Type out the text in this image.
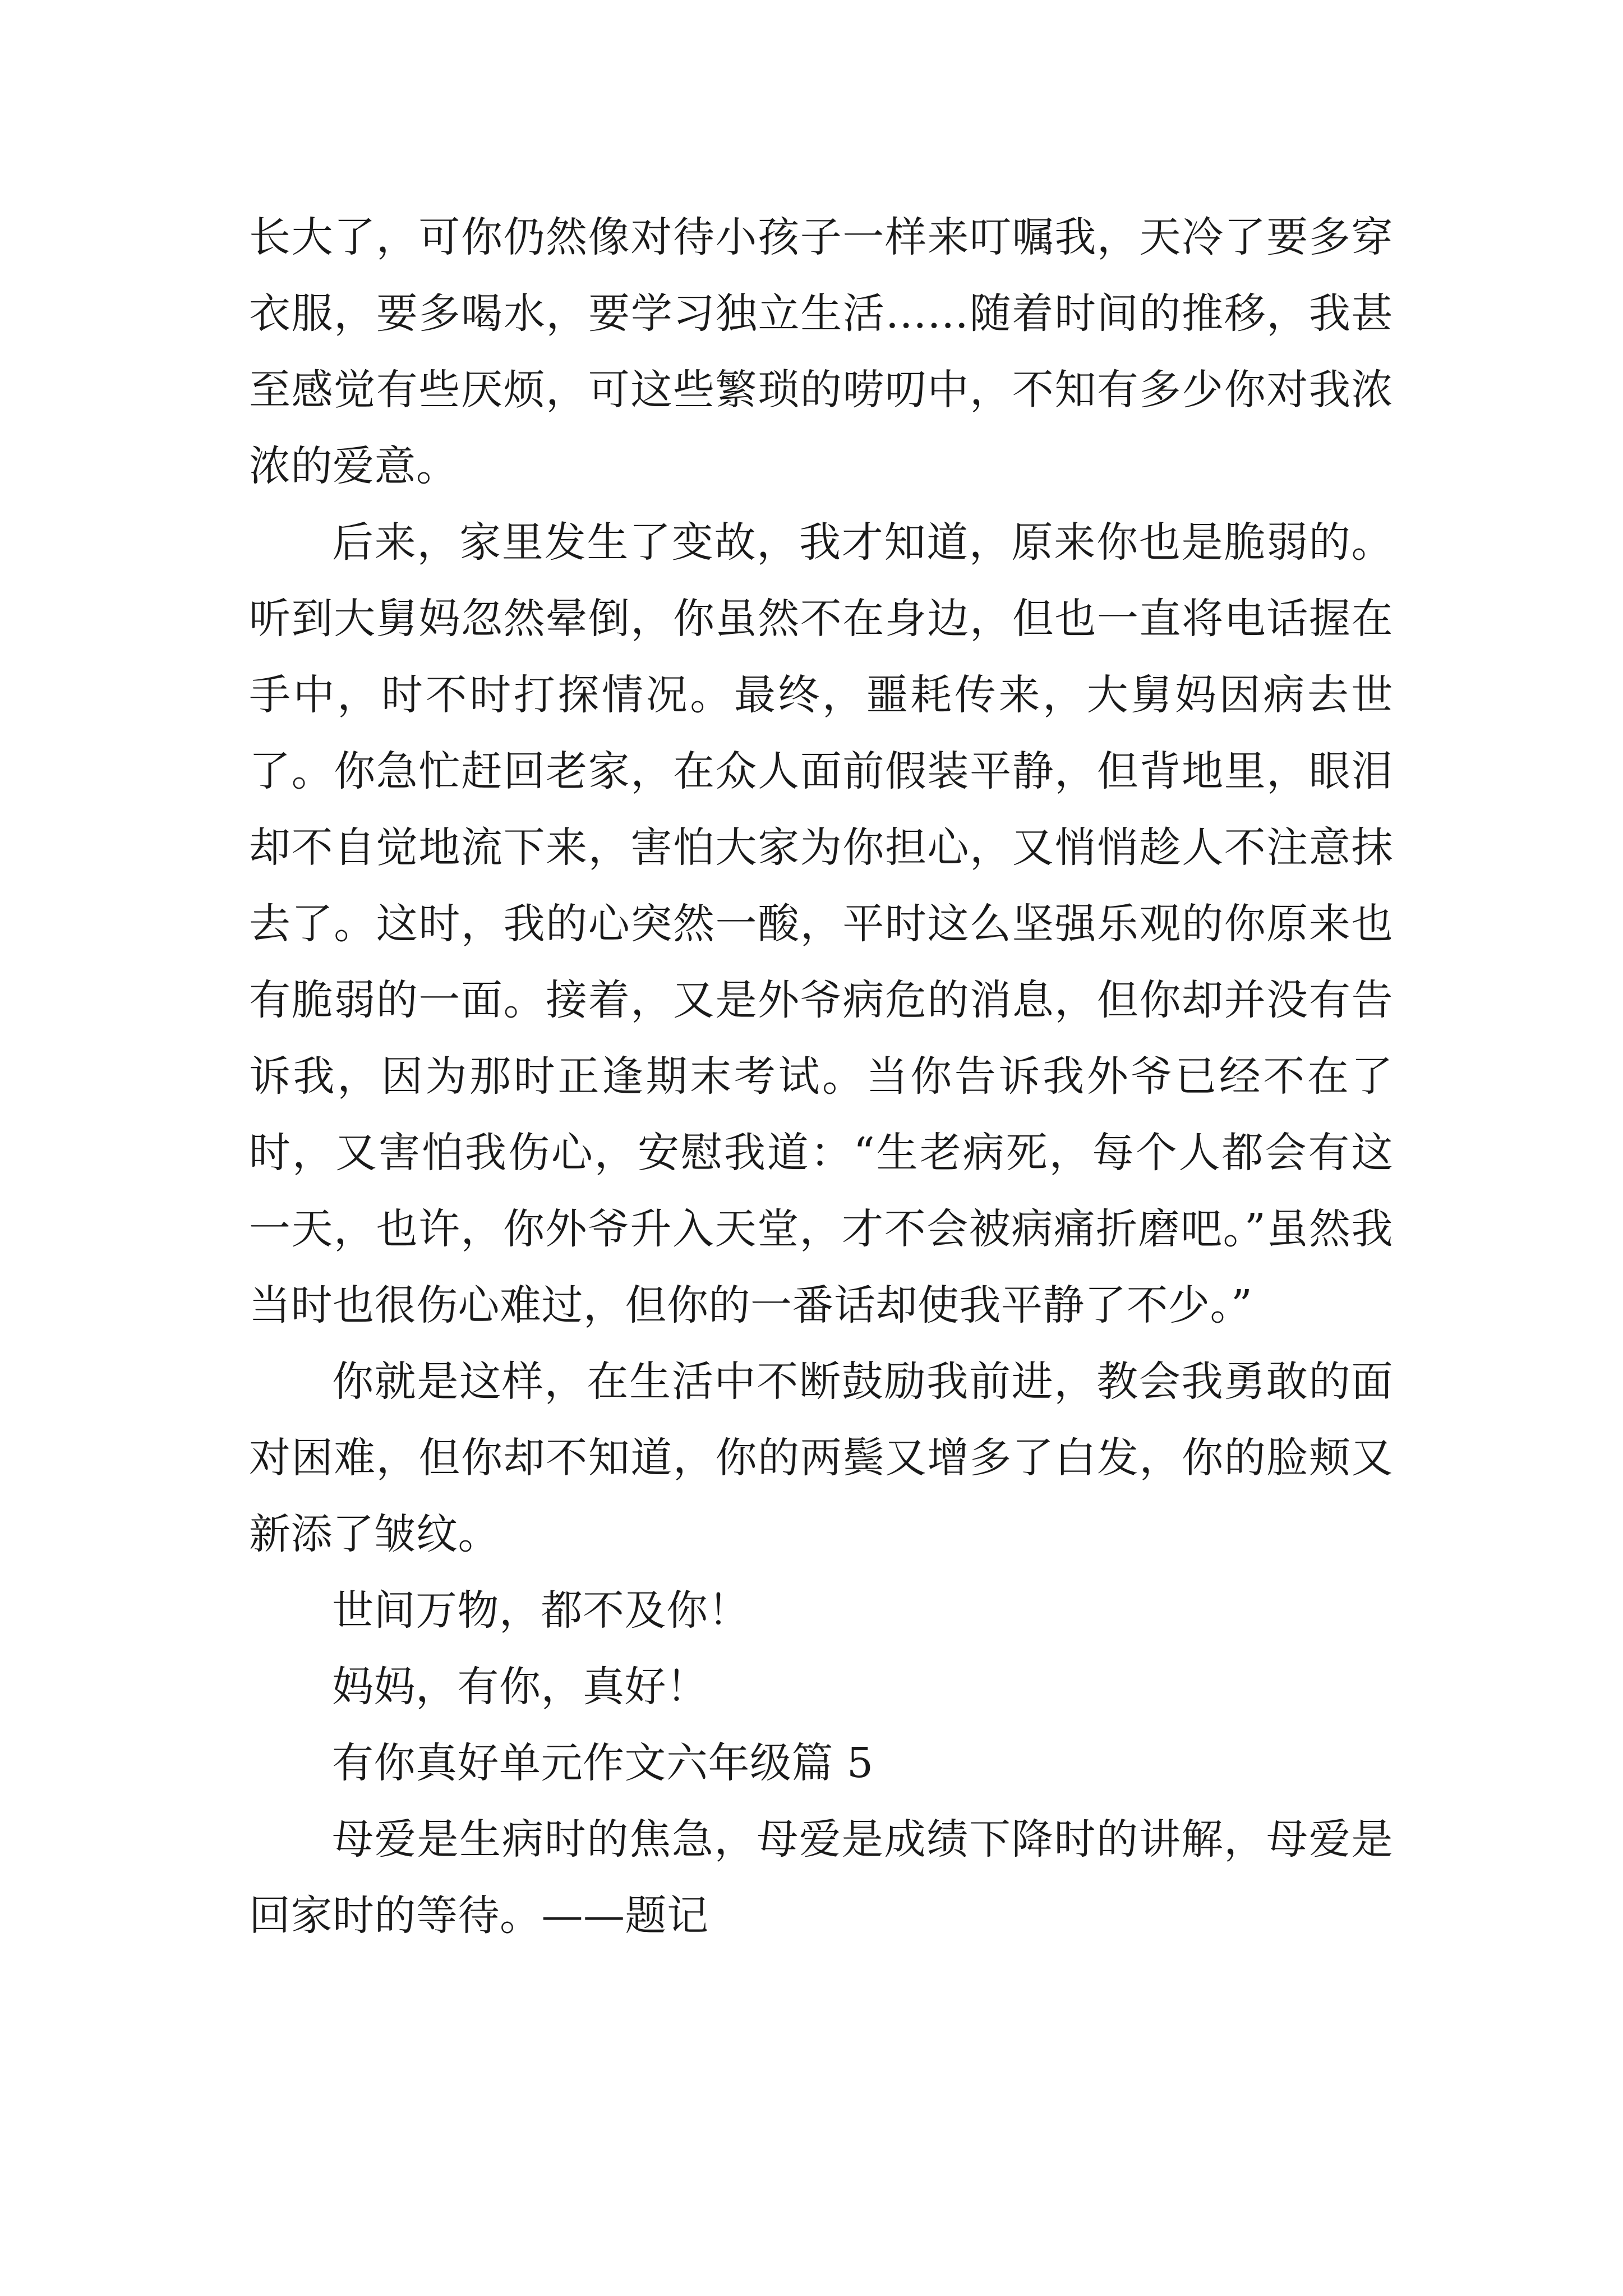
长大了，可你仍然像对待小孩子一样来叮嘱我，天冷了要多穿衣服，要多喝水，要学习独立生活……随着时间的推移，我甚至感觉有些厌烦，可这些繁琐的唠叨中，不知有多少你对我浓浓的爱意。

后来，家里发生了变故，我才知道，原来你也是脆弱的。听到大舅妈忽然晕倒，你虽然不在身边，但也一直将电话握在手中，时不时打探情况。最终，噩耗传来，大舅妈因病去世了。你急忙赶回老家，在众人面前假装平静，但背地里，眼泪却不自觉地流下来，害怕大家为你担心，又悄悄趁人不注意抹去了。这时，我的心突然一酸，平时这么坚强乐观的你原来也有脆弱的一面。接着，又是外爷病危的消息，但你却并没有告诉我，因为那时正逢期末考试。当你告诉我外爷已经不在了时，又害怕我伤心，安慰我道：“生老病死，每个人都会有这一天，也许，你外爷升入天堂，才不会被病痛折磨吧。”虽然我当时也很伤心难过，但你的一番话却使我平静了不少。”

你就是这样，在生活中不断鼓励我前进，教会我勇敢的面对困难，但你却不知道，你的两鬓又增多了白发，你的脸颊又新添了皱纹。

世间万物，都不及你！

妈妈，有你，真好！

有你真好单元作文六年级篇 5

母爱是生病时的焦急，母爱是成绩下降时的讲解，母爱是回家时的等待。——题记
